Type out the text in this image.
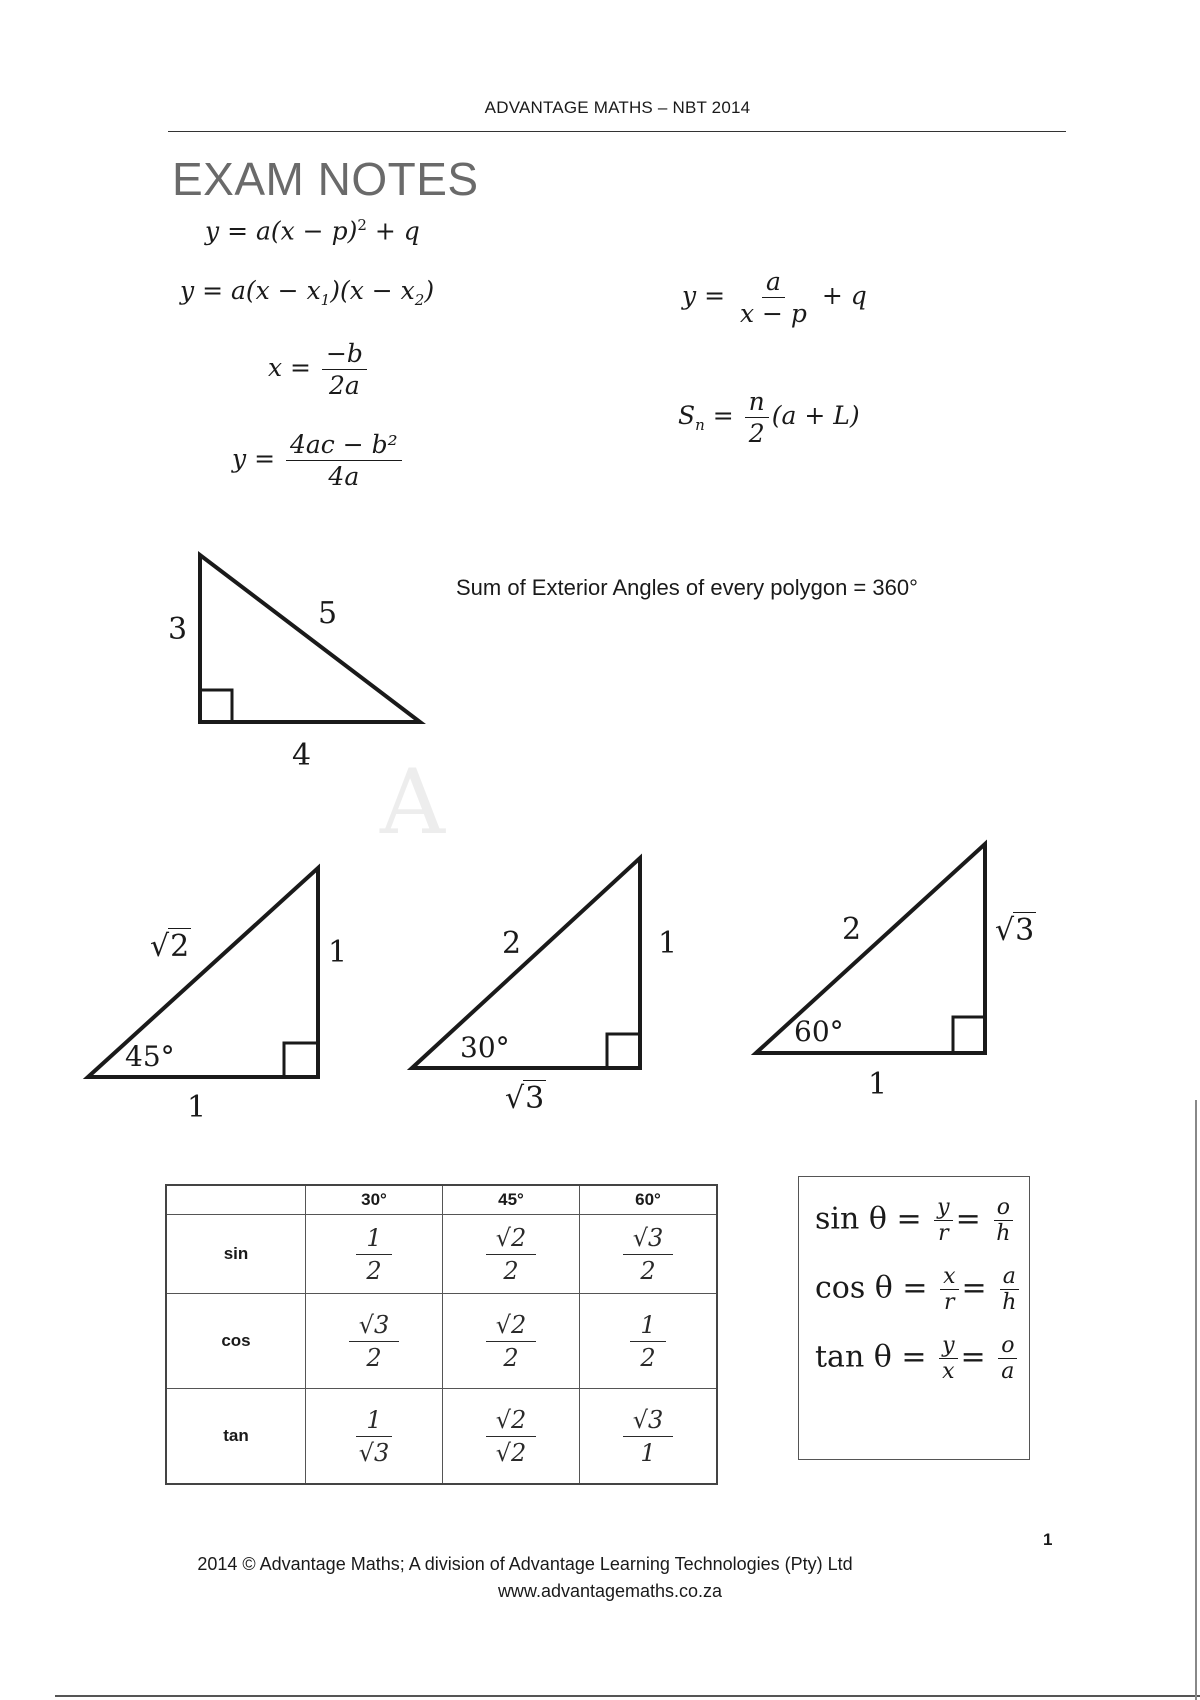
ADVANTAGE MATHS – NBT 2014
EXAM NOTES
$y = a(x - p)^2 + q$
$y = a(x - x_1)(x - x_2)$
$x = \frac{-b}{2a}$
$y = \frac{\text{4ac − b²}}{4a}$
$y = \frac{a}{x - p} + q$
$S_n = \frac{n}{2} (a + L)$
Sum of Exterior Angles of every polygon = 360°
A
3
4
5
√2	1
1
45°
2	1
√3
30°
2	√3
1
60°
	30°	45°	60°
sin	$\frac{1}{2}$	$\frac{√2}{2}$	$\frac{√3}{2}$

cos	$\frac{√3}{2}$	$\frac{√2}{2}$	$\frac{1}{2}$

tan	$\frac{1}{√3}$	$\frac{√2}{√2}$	$\frac{√3}{1}$
$\sin \theta = \frac{y}{r} = \frac{o}{h}$
$\cos \theta = \frac{x}{r} = \frac{a}{h}$
$\tan \theta = \frac{y}{x} = \frac{o}{a}$
1
2014 © Advantage Maths; A division of Advantage Learning Technologies (Pty) Ltd
www.advantagemaths.co.za
